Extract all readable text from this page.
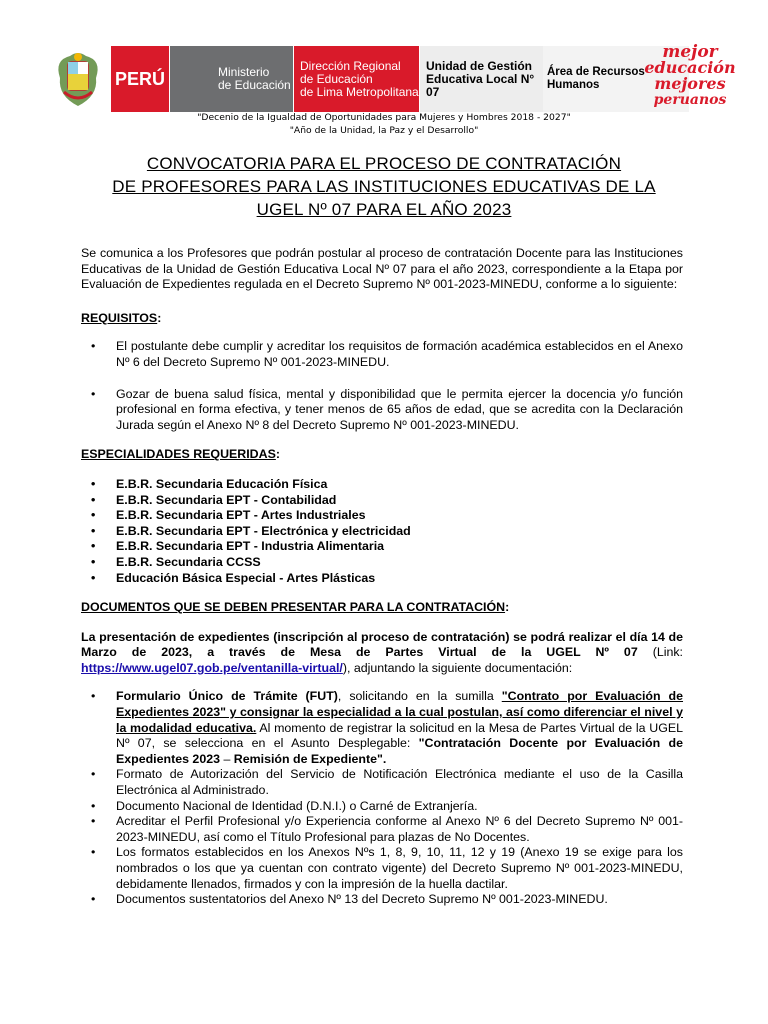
PERÚ	Ministerio
de Educación
Dirección Regional
de Educación
de Lima Metropolitana
Unidad de Gestión
Educativa Local N° 07
Área de Recursos Humanos
mejor
educación
mejores
peruanos
"Decenio de la Igualdad de Oportunidades para Mujeres y Hombres 2018 - 2027"
"Año de la Unidad, la Paz y el Desarrollo"
CONVOCATORIA PARA EL PROCESO DE CONTRATACIÓN
DE PROFESORES PARA LAS INSTITUCIONES EDUCATIVAS DE LA
UGEL Nº 07 PARA EL AÑO 2023

Se comunica a los Profesores que podrán postular al proceso de contratación Docente para las Instituciones Educativas de la Unidad de Gestión Educativa Local Nº 07 para el año 2023, correspondiente a la Etapa por Evaluación de Expedientes regulada en el Decreto Supremo Nº 001-2023-MINEDU, conforme a lo siguiente:

REQUISITOS:

• El postulante debe cumplir y acreditar los requisitos de formación académica establecidos en el Anexo Nº 6 del Decreto Supremo Nº 001-2023-MINEDU.
• Gozar de buena salud física, mental y disponibilidad que le permita ejercer la docencia y/o función profesional en forma efectiva, y tener menos de 65 años de edad, que se acredita con la Declaración Jurada según el Anexo Nº 8 del Decreto Supremo Nº 001-2023-MINEDU.

ESPECIALIDADES REQUERIDAS:

• E.B.R. Secundaria Educación Física
• E.B.R. Secundaria EPT - Contabilidad
• E.B.R. Secundaria EPT - Artes Industriales
• E.B.R. Secundaria EPT - Electrónica y electricidad
• E.B.R. Secundaria EPT - Industria Alimentaria
• E.B.R. Secundaria CCSS
• Educación Básica Especial - Artes Plásticas

DOCUMENTOS QUE SE DEBEN PRESENTAR PARA LA CONTRATACIÓN:

La presentación de expedientes (inscripción al proceso de contratación) se podrá realizar el día 14 de Marzo de 2023, a través de Mesa de Partes Virtual de la UGEL Nº 07 (Link: https://www.ugel07.gob.pe/ventanilla-virtual/), adjuntando la siguiente documentación:

• Formulario Único de Trámite (FUT), solicitando en la sumilla "Contrato por Evaluación de Expedientes 2023" y consignar la especialidad a la cual postulan, así como diferenciar el nivel y la modalidad educativa. Al momento de registrar la solicitud en la Mesa de Partes Virtual de la UGEL Nº 07, se selecciona en el Asunto Desplegable: "Contratación Docente por Evaluación de Expedientes 2023 – Remisión de Expediente".
• Formato de Autorización del Servicio de Notificación Electrónica mediante el uso de la Casilla Electrónica al Administrado.
• Documento Nacional de Identidad (D.N.I.) o Carné de Extranjería.
• Acreditar el Perfil Profesional y/o Experiencia conforme al Anexo Nº 6 del Decreto Supremo Nº 001-2023-MINEDU, así como el Título Profesional para plazas de No Docentes.
• Los formatos establecidos en los Anexos Nºs 1, 8, 9, 10, 11, 12 y 19 (Anexo 19 se exige para los nombrados o los que ya cuentan con contrato vigente) del Decreto Supremo Nº 001-2023-MINEDU, debidamente llenados, firmados y con la impresión de la huella dactilar.
• Documentos sustentatorios del Anexo Nº 13 del Decreto Supremo Nº 001-2023-MINEDU.
